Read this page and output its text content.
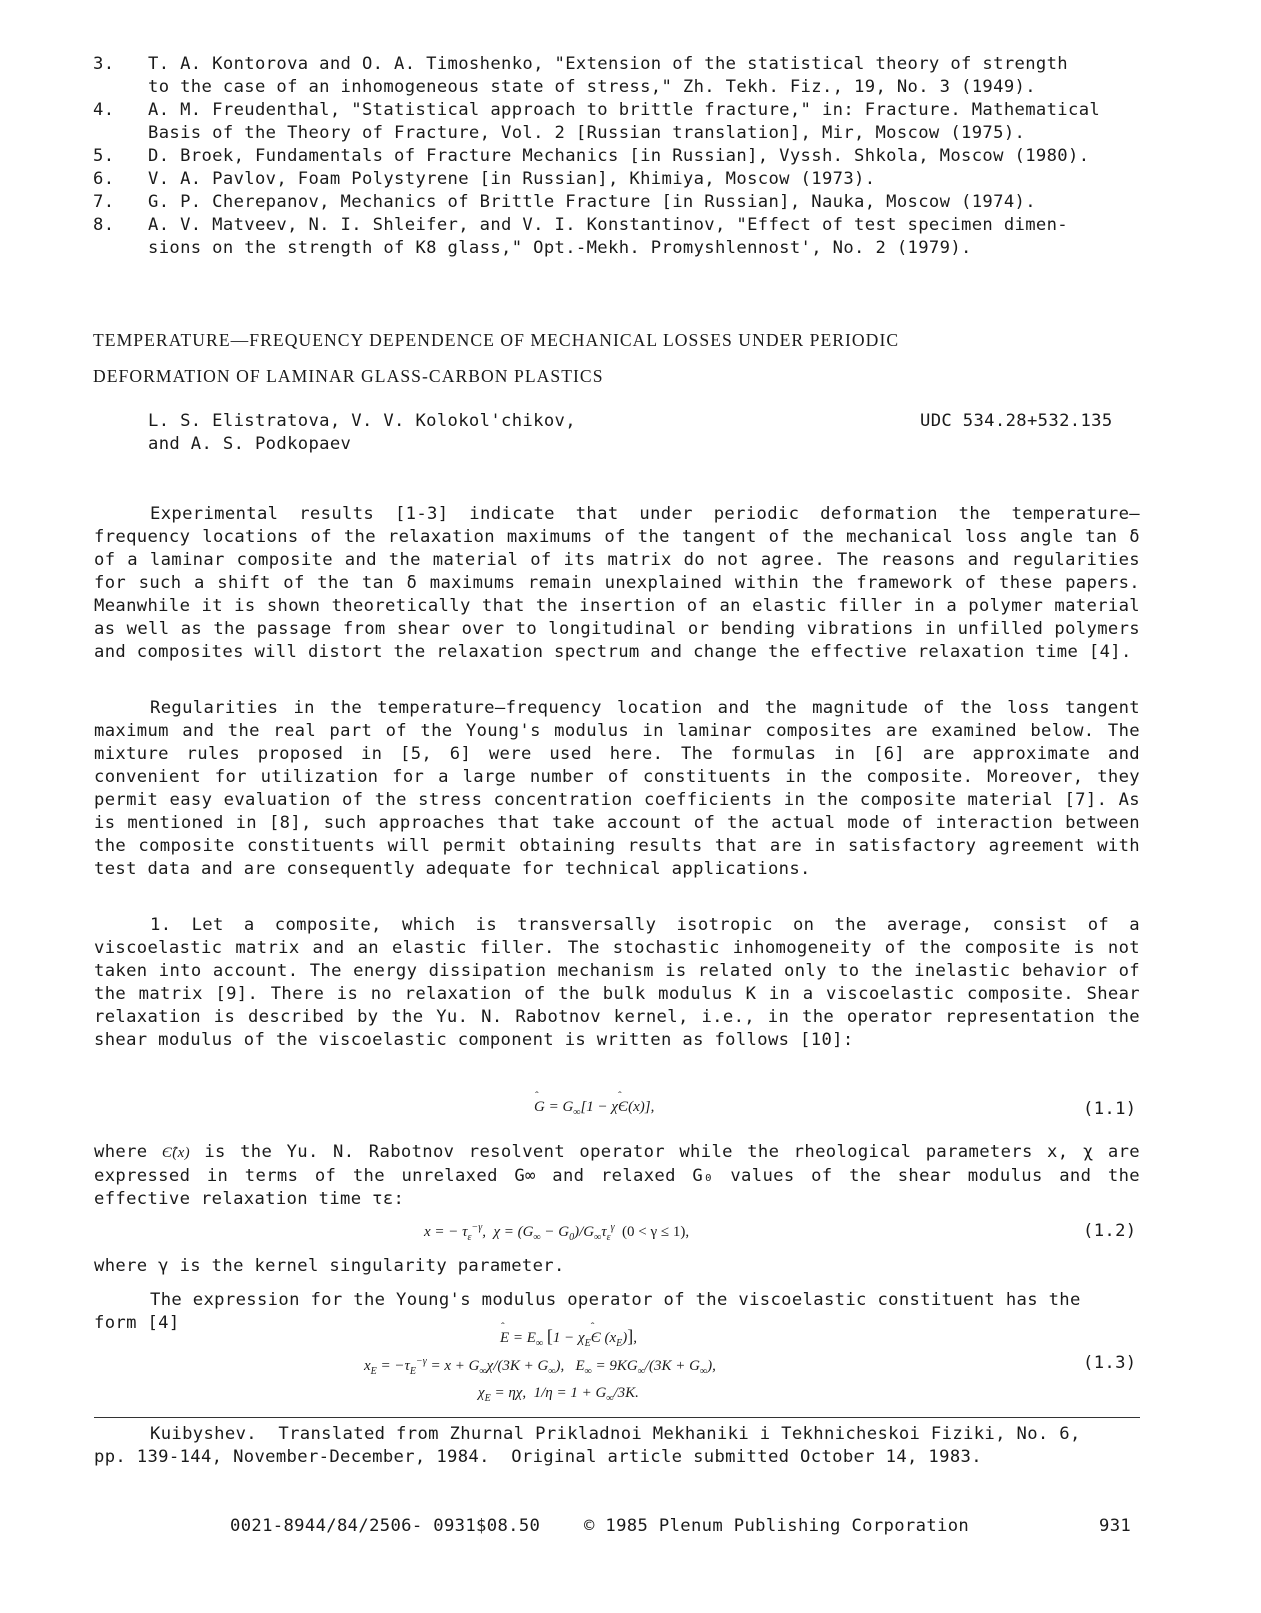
3. T. A. Kontorova and O. A. Timoshenko, "Extension of the statistical theory of strength
to the case of an inhomogeneous state of stress," Zh. Tekh. Fiz., 19, No. 3 (1949).
4. A. M. Freudenthal, "Statistical approach to brittle fracture," in: Fracture. Mathematical
Basis of the Theory of Fracture, Vol. 2 [Russian translation], Mir, Moscow (1975).
5. D. Broek, Fundamentals of Fracture Mechanics [in Russian], Vyssh. Shkola, Moscow (1980).
6. V. A. Pavlov, Foam Polystyrene [in Russian], Khimiya, Moscow (1973).
7. G. P. Cherepanov, Mechanics of Brittle Fracture [in Russian], Nauka, Moscow (1974).
8. A. V. Matveev, N. I. Shleifer, and V. I. Konstantinov, "Effect of test specimen dimen-
sions on the strength of K8 glass," Opt.-Mekh. Promyshlennost', No. 2 (1979).
TEMPERATURE—FREQUENCY DEPENDENCE OF MECHANICAL LOSSES UNDER PERIODIC
DEFORMATION OF LAMINAR GLASS-CARBON PLASTICS
L. S. Elistratova, V. V. Kolokol'chikov,
and A. S. Podkopaev
UDC 534.28+532.135
Experimental results [1-3] indicate that under periodic deformation the temperature—frequency locations of the relaxation maximums of the tangent of the mechanical loss angle tan δ of a laminar composite and the material of its matrix do not agree. The reasons and regularities for such a shift of the tan δ maximums remain unexplained within the framework of these papers. Meanwhile it is shown theoretically that the insertion of an elastic filler in a polymer material as well as the passage from shear over to longitudinal or bending vibrations in unfilled polymers and composites will distort the relaxation spectrum and change the effective relaxation time [4].
Regularities in the temperature—frequency location and the magnitude of the loss tangent maximum and the real part of the Young's modulus in laminar composites are examined below. The mixture rules proposed in [5, 6] were used here. The formulas in [6] are approximate and convenient for utilization for a large number of constituents in the composite. Moreover, they permit easy evaluation of the stress concentration coefficients in the composite material [7]. As is mentioned in [8], such approaches that take account of the actual mode of interaction between the composite constituents will permit obtaining results that are in satisfactory agreement with test data and are consequently adequate for technical applications.
1. Let a composite, which is transversally isotropic on the average, consist of a viscoelastic matrix and an elastic filler. The stochastic inhomogeneity of the composite is not taken into account. The energy dissipation mechanism is related only to the inelastic behavior of the matrix [9]. There is no relaxation of the bulk modulus K in a viscoelastic composite. Shear relaxation is described by the Yu. N. Rabotnov kernel, i.e., in the operator representation the shear modulus of the viscoelastic component is written as follows [10]:
G
ˆ
= $G_\infty[1 - \chi Є$
ˆ
(x)],	(1.1)
where Є̂(x) is the Yu. N. Rabotnov resolvent operator while the rheological parameters x, χ are expressed in terms of the unrelaxed G∞ and relaxed G₀ values of the shear modulus and the effective relaxation time τε:
x = − $\tau_\varepsilon^{-\gamma}$,  $\chi = (G_\infty - G_0)/G_\infty\tau_\varepsilon^\gamma$ (0 < γ ≤ 1),	(1.2)
where γ is the kernel singularity parameter.
The expression for the Young's modulus operator of the viscoelastic constituent has the
form [4]
E
ˆ
= $E_\infty$ [$1 - \chi_EЄ$
ˆ
$(x_E)$],
$x_E = -\tau_E^{-\gamma} = x + G_\infty\chi/(3K + G_\infty)$,   $E_\infty = 9KG_\infty/(3K + G_\infty)$,
$\chi_E = \eta\chi$,  $1/\eta = 1 + G_\infty/3K$.
(1.3)
Kuibyshev.  Translated from Zhurnal Prikladnoi Mekhaniki i Tekhnicheskoi Fiziki, No. 6,
pp. 139-144, November-December, 1984.  Original article submitted October 14, 1983.
0021-8944/84/2506- 0931$08.50	© 1985 Plenum Publishing Corporation	931
